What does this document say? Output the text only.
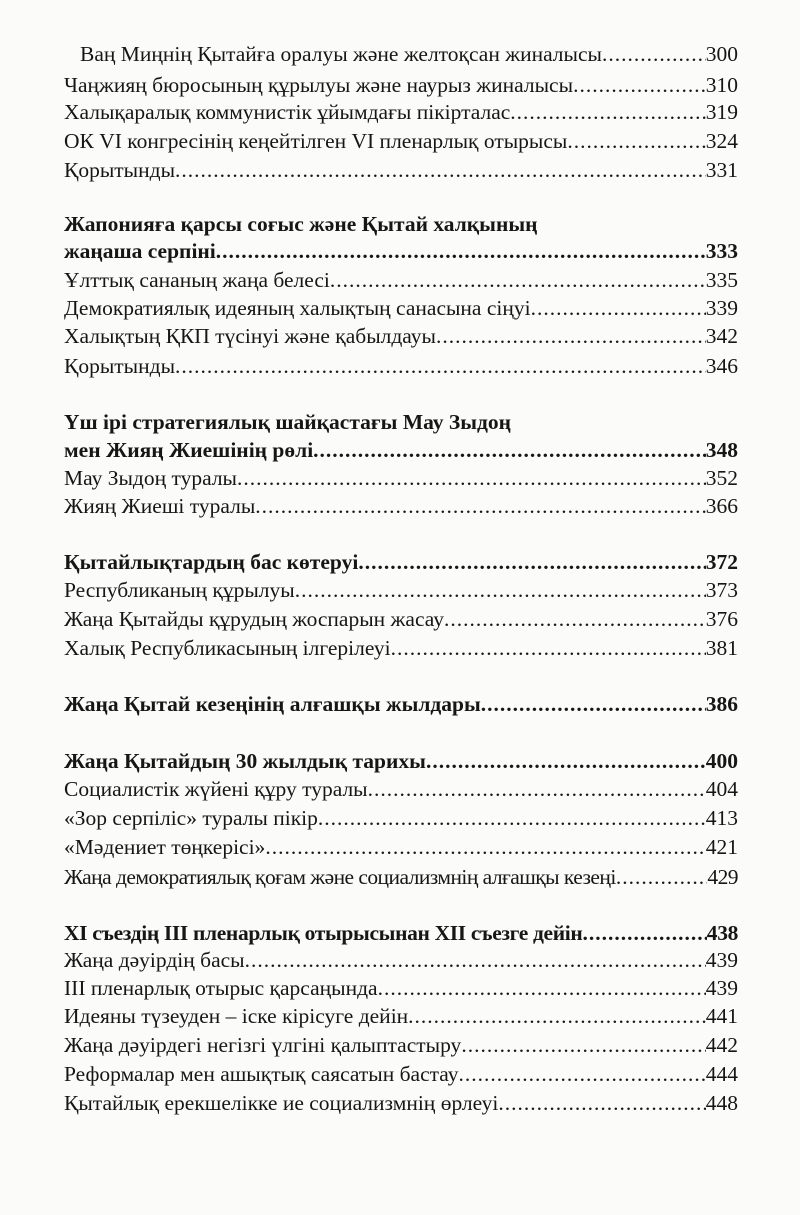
Вaң Миңнің Қытайға оралуы және желтоқсан жиналысы .....	300
Чаңжияң бюросының құрылуы және наурыз жиналысы .....	310
Халықаралық коммунистік ұйымдағы пікірталас .....	319
ОК VI конгресінің кеңейтілген VI пленарлық отырысы .....	324
Қорытынды .....	331
Жапонияға қарсы соғыс және Қытай халқының
жаңаша серпіні .....	333
Ұлттық сананың жаңа белесі .....	335
Демократиялық идеяның халықтың санасына сіңуі .....	339
Халықтың ҚКП түсінуі және қабылдауы .....	342
Қорытынды .....	346
Үш ірі стратегиялық шайқастағы Мау Зыдоң
мен Жияң Жиешінің рөлі .....	348
Мау Зыдоң туралы .....	352
Жияң Жиеші туралы .....	366
Қытайлықтардың бас көтеруі .....	372
Республиканың құрылуы .....	373
Жаңа Қытайды құрудың жоспарын жасау .....	376
Халық Республикасының ілгерілеуі .....	381
Жаңа Қытай кезеңінің алғашқы жылдары .....	386
Жаңа Қытайдың 30 жылдық тарихы .....	400
Социалистік жүйені құру туралы .....	404
«Зор серпіліс» туралы пікір .....	413
«Мәдениет төңкерісі» .....	421
Жаңа демократиялық қоғам және социализмнің алғашқы кезеңі .....	429
XI съездің III пленарлық отырысынан XII съезге дейін .....	438
Жаңа дәуірдің басы .....	439
III пленарлық отырыс қарсаңында .....	439
Идеяны түзеуден – іске кірісуге дейін .....	441
Жаңа дәуірдегі негізгі үлгіні қалыптастыру .....	442
Реформалар мен ашықтық саясатын бастау .....	444
Қытайлық ерекшелікке ие социализмнің өрлеуі .....	448
